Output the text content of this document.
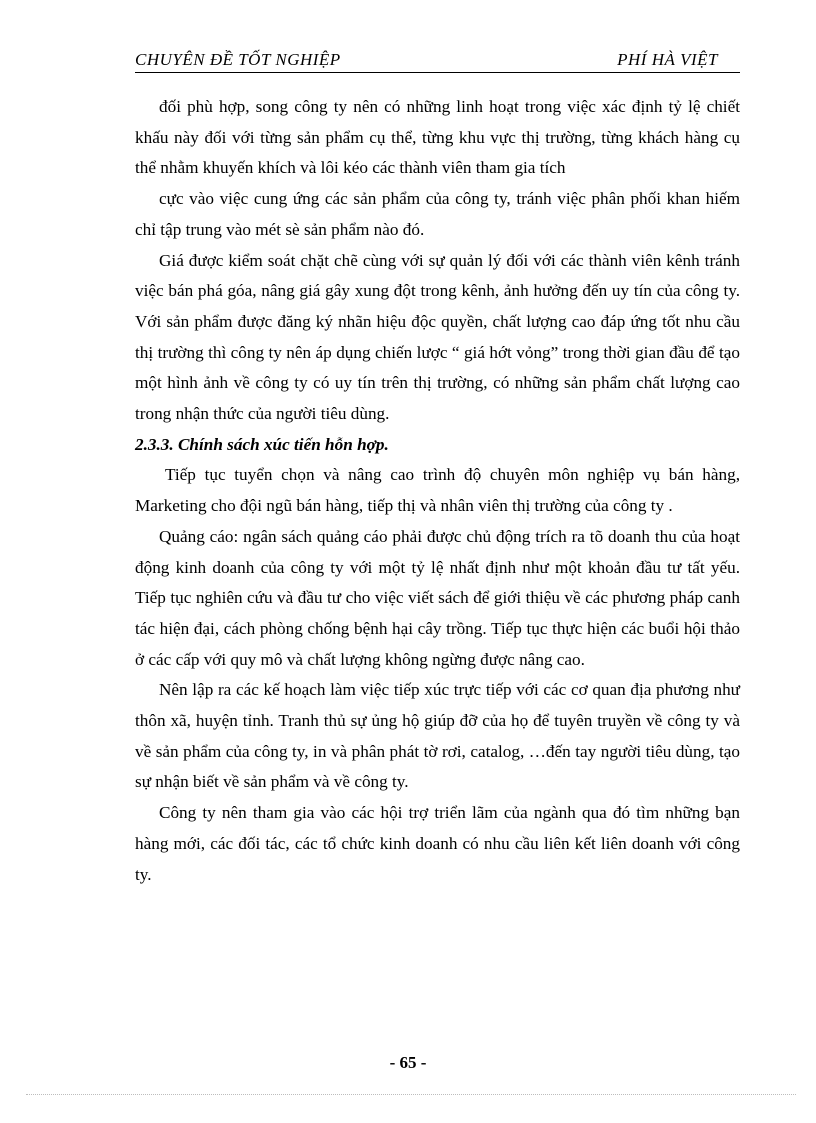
CHUYÊN ĐỀ TỐT NGHIỆP	PHÍ HÀ VIỆT

đối phù hợp, song công ty nên có những linh hoạt trong việc xác định tỷ lệ chiết khấu này đối với từng sản phẩm cụ thể, từng khu vực thị trường, từng khách hàng cụ thể nhằm khuyến khích và lôi kéo các thành viên tham gia tích

cực vào việc cung ứng các sản phẩm của công ty, tránh việc phân phối khan hiếm chỉ tập trung vào mét sè sản phẩm nào đó.

Giá được kiểm soát chặt chẽ cùng với sự quản lý đối với các thành viên kênh tránh việc bán phá góa, nâng giá gây xung đột trong kênh, ảnh hưởng đến uy tín của công ty. Với sản phẩm được đăng ký nhãn hiệu độc quyền, chất lượng cao đáp ứng tốt nhu cầu thị trường thì công ty nên áp dụng chiến lược “ giá hớt vỏng” trong thời gian đầu để tạo một hình ảnh về công ty có uy tín trên thị trường, có những sản phẩm chất lượng cao trong nhận thức của người tiêu dùng.

2.3.3. Chính sách xúc tiến hỗn hợp.

Tiếp tục tuyển chọn và nâng cao trình độ chuyên môn nghiệp vụ bán hàng, Marketing cho đội ngũ bán hàng, tiếp thị và nhân viên thị trường của công ty .

Quảng cáo: ngân sách quảng cáo phải được chủ động trích ra tõ doanh thu của hoạt động kinh doanh của công ty với một tỷ lệ nhất định như một khoản đầu tư tất yếu. Tiếp tục nghiên cứu và đầu tư cho việc viết sách để giới thiệu về các phương pháp canh tác hiện đại, cách phòng chống bệnh hại cây trồng. Tiếp tục thực hiện các buổi hội thảo ở các cấp với quy mô và chất lượng không ngừng được nâng cao.

Nên lập ra các kế hoạch làm việc tiếp xúc trực tiếp với các cơ quan địa phương như thôn xã, huyện tỉnh. Tranh thủ sự ủng hộ giúp đỡ của họ để tuyên truyền về công ty và về sản phẩm của công ty, in và phân phát tờ rơi, catalog, …đến tay người tiêu dùng, tạo sự nhận biết về sản phẩm và về công ty.

Công ty nên tham gia vào các hội trợ triển lãm của ngành qua đó tìm những bạn hàng mới, các đối tác, các tổ chức kinh doanh có nhu cầu liên kết liên doanh với công ty.

- 65 -
